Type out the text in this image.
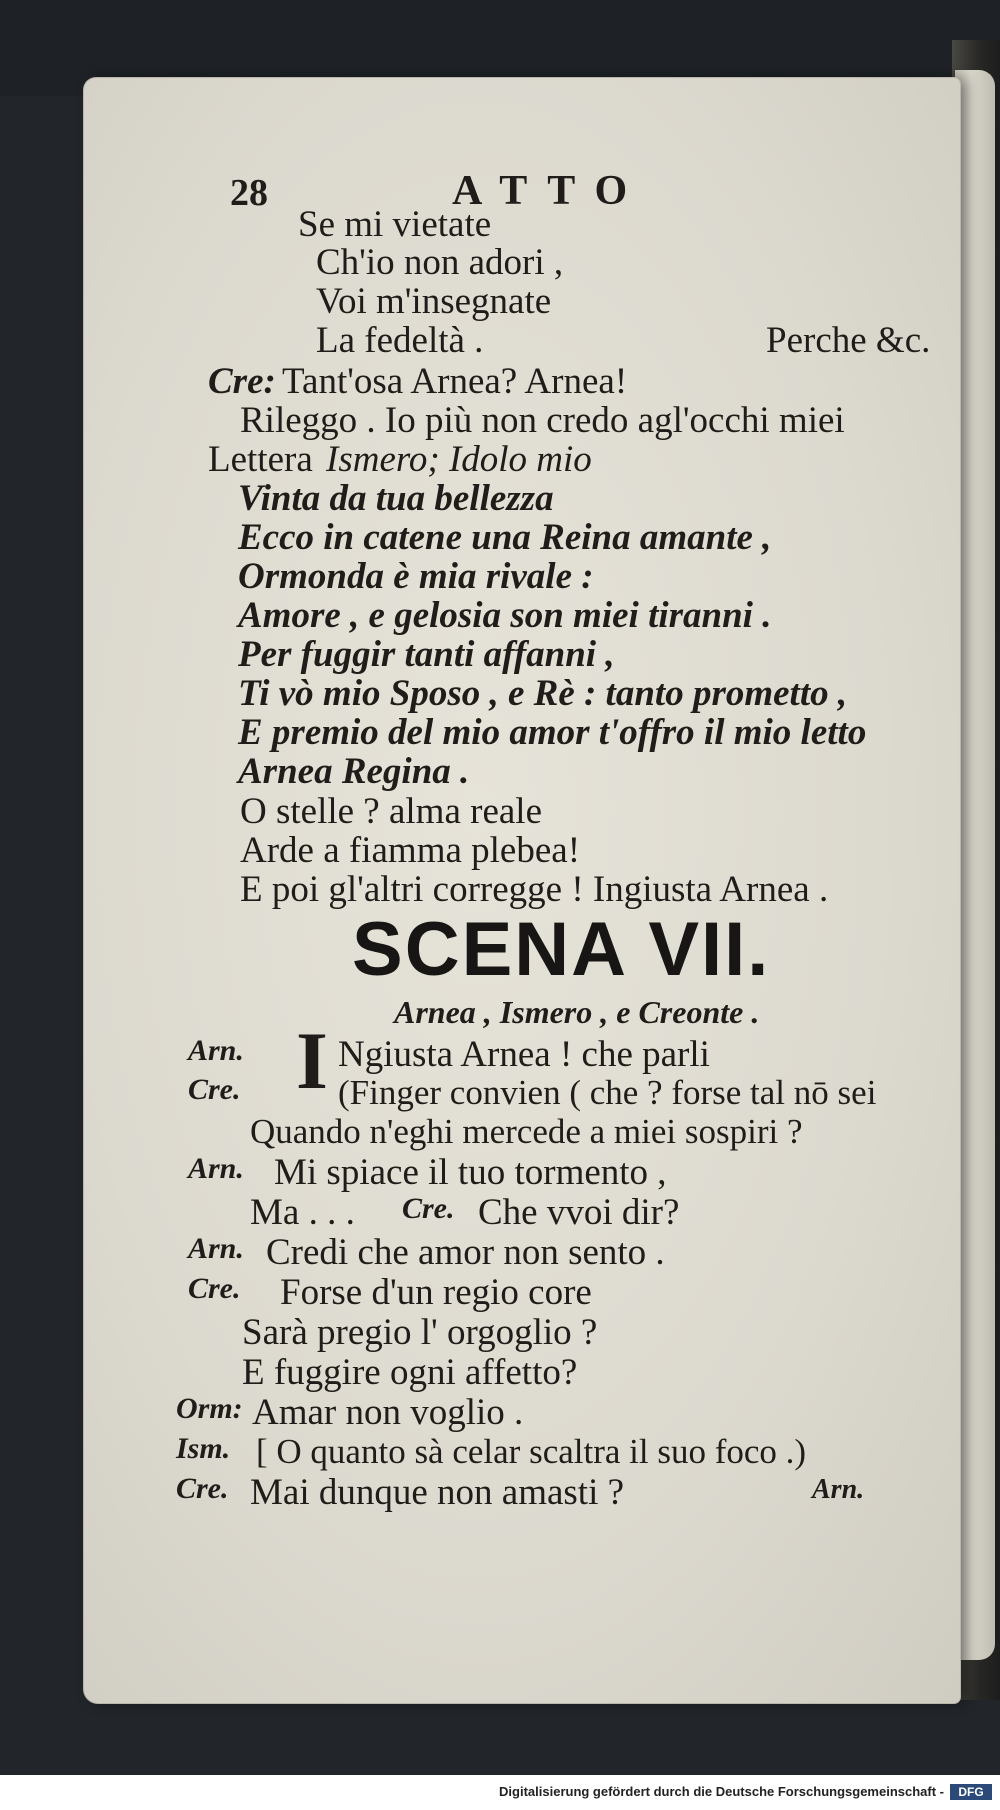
28	ATTO
Se mi vietate
Ch'io non adori ,
Voi m'insegnate
La fedeltà .	Perche &c.
Cre: Tant'osa Arnea? Arnea!
Rileggo . Io più non credo agl'occhi miei
Lettera Ismero; Idolo mio
Vinta da tua bellezza
Ecco in catene una Reina amante ,
Ormonda è mia rivale :
Amore , e gelosia son miei tiranni .
Per fuggir tanti affanni ,
Ti vò mio Sposo , e Rè : tanto prometto ,
E premio del mio amor t'offro il mio letto
Arnea Regina .
O stelle ? alma reale
Arde a fiamma plebea!
E poi gl'altri corregge ! Ingiusta Arnea .
SCENA VII.
Arnea , Ismero , e Creonte .
Arn. I Ngiusta Arnea ! che parli
Cre.	(Finger convien ( che ? forse tal nō sei
Quando n'eghi mercede a miei sospiri ?
Arn. Mi spiace il tuo tormento ,
Ma . . . Cre. Che vvoi dir?
Arn. Credi che amor non sento .
Cre. Forse d'un regio core
Sarà pregio l' orgoglio ?
E fuggire ogni affetto?
Orm: Amar non voglio .
Ism. [ O quanto sà celar scaltra il suo foco .)
Cre. Mai dunque non amasti ?	Arn.
Digitalisierung gefördert durch die Deutsche Forschungsgemeinschaft -	DFG
